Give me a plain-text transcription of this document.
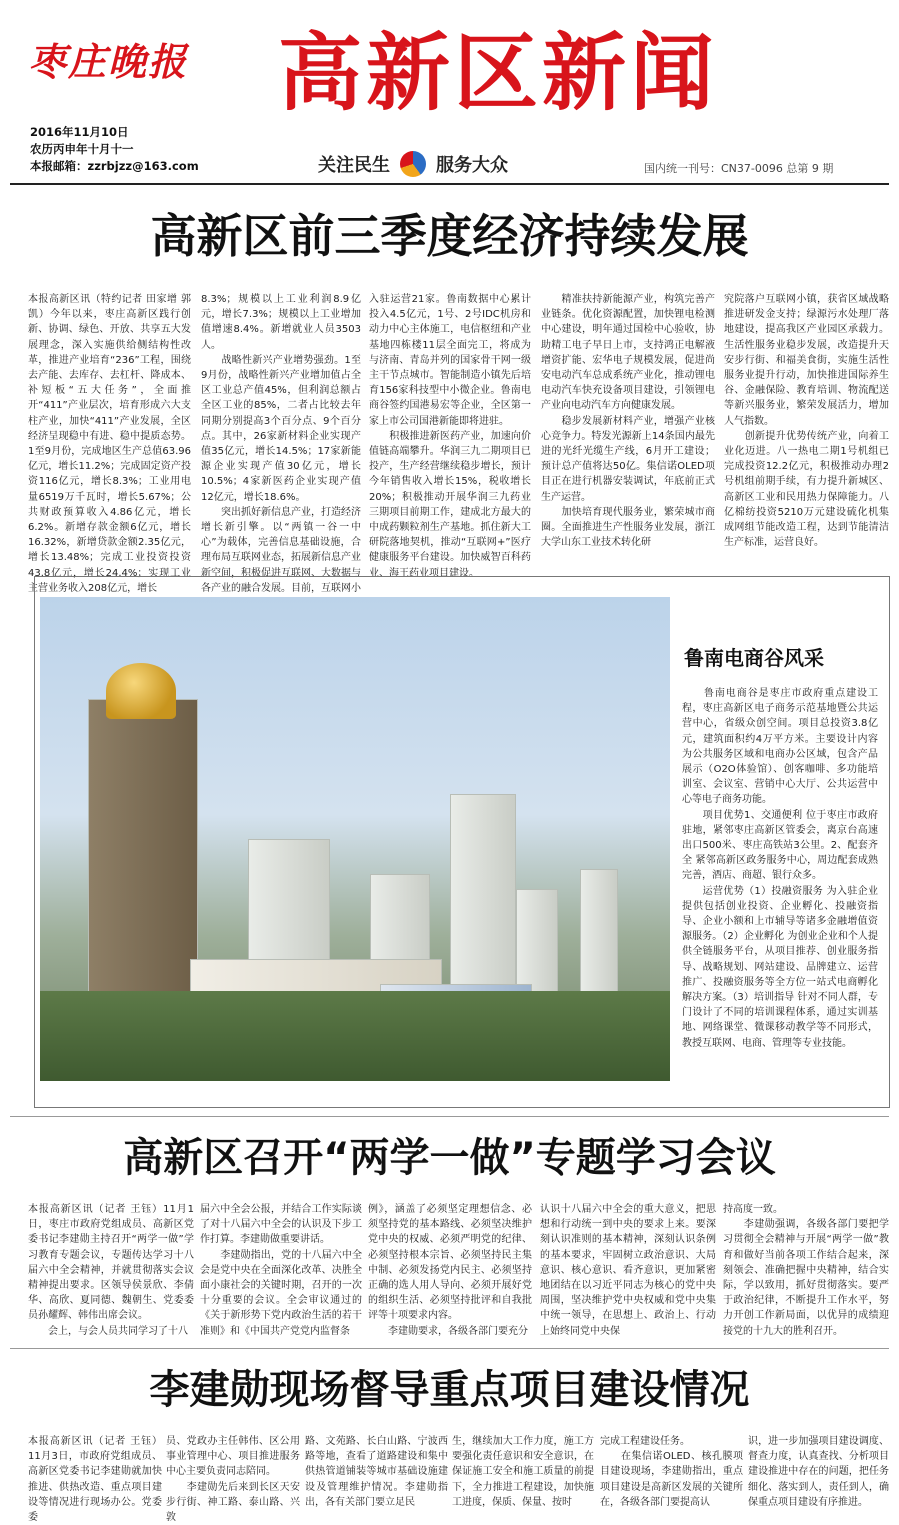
枣庄晚报 高新区新闻
2016年11月10日
农历丙申年十月十一
本报邮箱：zzrbjzz@163.com	关注民生	服务大众	国内统一刊号：CN37-0096 总第 9 期
高新区前三季度经济持续发展
本报高新区讯（特约记者 田家增 郭凯）今年以来，枣庄高新区践行创新、协调、绿色、开放、共享五大发展理念，深入实施供给侧结构性改革，推进产业培育“236”工程，围绕去产能、去库存、去杠杆、降成本、补短板“五大任务”，全面推开“411”产业层次，培育形成六大支柱产业，加快“411”产业发展，全区经济呈现稳中有进、稳中提质态势。1至9月份，完成地区生产总值63.96亿元，增长11.2%；完成固定资产投资116亿元，增长8.3%；工业用电量6519万千瓦时，增长5.67%；公共财政预算收入4.86亿元，增长6.2%。新增存款金额6亿元，增长16.32%，新增贷款金额2.35亿元，增长13.48%；完成工业投资投资43.8亿元，增长24.4%；实现工业主营业务收入208亿元，增长
8.3%；规模以上工业利润8.9亿元，增长7.3%；规模以上工业增加值增速8.4%。新增就业人员3503人。
　　战略性新兴产业增势强劲。1至9月份，战略性新兴产业增加值占全区工业总产值45%，但利润总额占全区工业的85%，二者占比较去年同期分别提高3个百分点、9个百分点。其中，26家新材料企业实现产值35亿元，增长14.5%；17家新能源企业实现产值30亿元，增长10.5%；4家新医药企业实现产值12亿元，增长18.6%。
　　突出抓好新信息产业，打造经济增长新引擎。以“两镇一谷一中心”为载体，完善信息基础设施，合理布局互联网业态，拓展新信息产业新空间，积极促进互联网、大数据与各产业的融合发展。目前，互联网小
入驻运营21家。鲁南数据中心累计投入4.5亿元，1号、2号IDC机房和动力中心主体施工，电信枢纽和产业基地四栋楼11层全面完工，将成为与济南、青岛并列的国家骨干网一级主干节点城市。智能制造小镇先后培育156家科技型中小微企业。鲁南电商谷签约国港易宏等企业，全区第一家上市公司国港新能即将进驻。
　　积极推进新医药产业，加速向价值链高端攀升。华润三九二期项目已投产，生产经营继续稳步增长，预计今年销售收入增长15%，税收增长20%；积极推动开展华润三九药业三期项目前期工作，建成北方最大的中成药颗粒剂生产基地。抓住新大工研院落地契机，推动“互联网+”医疗健康服务平台建设。加快威智百科药业、海王药业项目建设。
　　精准扶持新能源产业，构筑完善产业链条。优化资源配置，加快锂电检测中心建设，明年通过国检中心验收，协助精工电子早日上市，支持鸿正电解液增资扩能、宏华电子规模发展，促进尚安电动汽车总成系统产业化，推动锂电电动汽车快充设备项目建设，引领锂电产业向电动汽车方向健康发展。
　　稳步发展新材料产业，增强产业核心竞争力。特发光源新上14条国内最先进的光纤光缆生产线，6月开工建设；预计总产值将达50亿。集信诺OLED项目正在进行机器安装调试，年底前正式生产运营。
　　加快培育现代服务业，繁荣城市商圈。全面推进生产性服务业发展，浙江大学山东工业技术转化研
究院落户互联网小镇，获省区域战略推进研发金支持；绿源污水处理厂落地建设，提高我区产业园区承载力。生活性服务业稳步发展，改造提升天安步行街、和福美食街，实施生活性服务业提升行动，加快推进国际养生谷、金融保险、教育培训、物流配送等新兴服务业，繁荣发展活力，增加人气指数。
　　创新提升优势传统产业，向着工业化迈进。八一热电二期1号机组已完成投资12.2亿元，积极推动办理2号机组前期手续，有力提升新城区、高新区工业和民用热力保障能力。八亿棉纺投资5210万元建设硫化机集成网组节能改造工程，达到节能清洁生产标准，运营良好。
鲁南电商谷风采
　　鲁南电商谷是枣庄市政府重点建设工程，枣庄高新区电子商务示范基地暨公共运营中心，省级众创空间。项目总投资3.8亿元，建筑面积约4万平方米。主要设计内容为公共服务区域和电商办公区域，包含产品展示（O2O体验馆）、创客咖啡、多功能培训室、会议室、营销中心大厅、公共运营中心等电子商务功能。
　　项目优势1、交通便利 位于枣庄市政府驻地，紧邻枣庄高新区管委会，离京台高速出口500米、枣庄高铁站3公里。2、配套齐全 紧邻高新区政务服务中心，周边配套成熟完善，酒店、商超、银行众多。
　　运营优势（1）投融资服务 为入驻企业提供包括创业投资、企业孵化、投融资指导、企业小额和上市辅导等诸多金融增值资源服务。（2）企业孵化 为创业企业和个人提供全链服务平台，从项目推荐、创业服务指导、战略规划、网站建设、品牌建立、运营推广、投融资服务等全方位一站式电商孵化解决方案。（3）培训指导 针对不同人群，专门设计了不同的培训课程体系，通过实训基地、网络课堂、微课移动教学等不同形式，教授互联网、电商、管理等专业技能。
高新区召开“两学一做”专题学习会议
本报高新区讯（记者 王钰）11月1日，枣庄市政府党组成员、高新区党委书记李建勋主持召开“两学一做”学习教育专题会议，专题传达学习十八届六中全会精神，并就贯彻落实会议精神提出要求。区领导侯景欣、李倩华、高欣、夏同德、魏朝生、党委委员孙耀辉、韩伟出席会议。
　　会上，与会人员共同学习了十八
届六中全会公报，并结合工作实际谈了对十八届六中全会的认识及下步工作打算。李建勋做重要讲话。
　　李建勋指出，党的十八届六中全会是党中央在全面深化改革、决胜全面小康社会的关键时期，召开的一次十分重要的会议。全会审议通过的《关于新形势下党内政治生活的若干准则》和《中国共产党党内监督条
例》，涵盖了必须坚定理想信念、必须坚持党的基本路线、必须坚决维护党中央的权威、必须严明党的纪律、必须坚持根本宗旨、必须坚持民主集中制、必须发扬党内民主、必须坚持正确的选人用人导向、必须开展好党的组织生活、必须坚持批评和自我批评等十项要求内容。
　　李建勋要求，各级各部门要充分
认识十八届六中全会的重大意义，把思想和行动统一到中央的要求上来。要深刻认识准则的基本精神，深刻认识条例的基本要求，牢固树立政治意识、大局意识、核心意识、看齐意识，更加紧密地团结在以习近平同志为核心的党中央周围，坚决维护党中央权威和党中央集中统一领导，在思想上、政治上、行动上始终同党中央保
持高度一致。
　　李建勋强调，各级各部门要把学习贯彻全会精神与开展“两学一做”教育和做好当前各项工作结合起来，深刻领会、准确把握中央精神，结合实际，学以致用，抓好贯彻落实。要严于政治纪律，不断提升工作水平，努力开创工作新局面，以优异的成绩迎接党的十九大的胜利召开。
李建勋现场督导重点项目建设情况
本报高新区讯（记者 王钰）11月3日，市政府党组成员、高新区党委书记李建勋就加快推进、供热改造、重点项目建设等情况进行现场办公。党委委
员、党政办主任韩伟、区公用事业管理中心、项目推进服务中心主要负责同志陪同。
　　李建勋先后来到长区天安步行街、神工路、泰山路、兴敦
路、文苑路、长白山路、宁波西路等地，查看了道路建设和集中供热管道铺装等城市基础设施建设及管理维护情况。李建勋指出，各有关部门要立足民
生，继续加大工作力度，施工方要强化责任意识和安全意识，在保证施工安全和施工质量的前提下，全力推进工程建设，加快施工进度，保质、保量、按时
完成工程建设任务。
　　在集信诺OLED、核孔膜项目建设现场，李建勋指出，重点项目建设是高新区发展的关键所在，各级各部门要提高认
识，进一步加强项目建设调度、督查力度，认真查找、分析项目建设推进中存在的问题，把任务细化、落实到人，责任到人，确保重点项目建设有序推进。
